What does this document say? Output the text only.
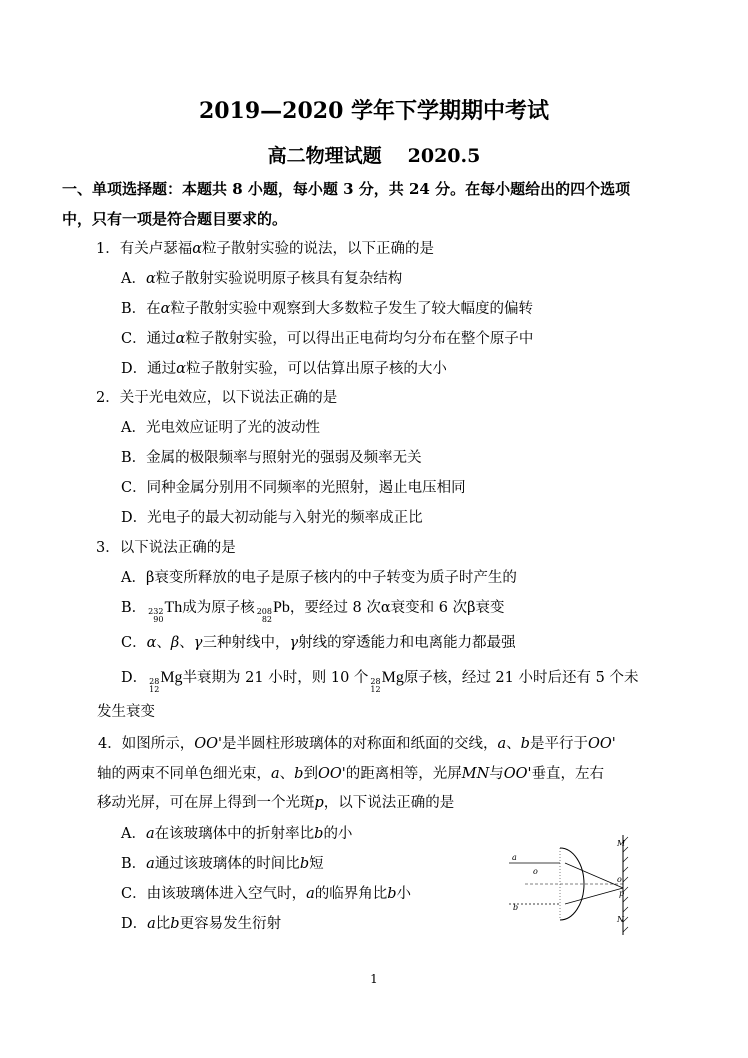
2019—2020 学年下学期期中考试
高二物理试题 2020.5
一、单项选择题：本题共 8 小题，每小题 3 分，共 24 分。在每小题给出的四个选项
中，只有一项是符合题目要求的。
1．有关卢瑟福α粒子散射实验的说法，以下正确的是
A．α粒子散射实验说明原子核具有复杂结构
B．在α粒子散射实验中观察到大多数粒子发生了较大幅度的偏转
C．通过α粒子散射实验，可以得出正电荷均匀分布在整个原子中
D．通过α粒子散射实验，可以估算出原子核的大小
2．关于光电效应，以下说法正确的是
A．光电效应证明了光的波动性
B．金属的极限频率与照射光的强弱及频率无关
C．同种金属分别用不同频率的光照射，遏止电压相同
D．光电子的最大初动能与入射光的频率成正比
3．以下说法正确的是
A．β衰变所释放的电子是原子核内的中子转变为质子时产生的
B． 232
90
Th成为原子核 208
82
Pb，要经过 8 次α衰变和 6 次β衰变
C．α、β、γ三种射线中，γ射线的穿透能力和电离能力都最强
D． 28
12
Mg半衰期为 21 小时，则 10 个 28
12
Mg原子核，经过 21 小时后还有 5 个未
发生衰变
4．如图所示，OO'是半圆柱形玻璃体的对称面和纸面的交线，a、b是平行于OO'
轴的两束不同单色细光束，a、b到OO'的距离相等，光屏MN与OO'垂直，左右
移动光屏，可在屏上得到一个光斑p，以下说法正确的是
A．a在该玻璃体中的折射率比b的小
B．a通过该玻璃体的时间比b短
C．由该玻璃体进入空气时，a的临界角比b小
D．a比b更容易发生衍射
a
b
o
M
o'
p
N
1
